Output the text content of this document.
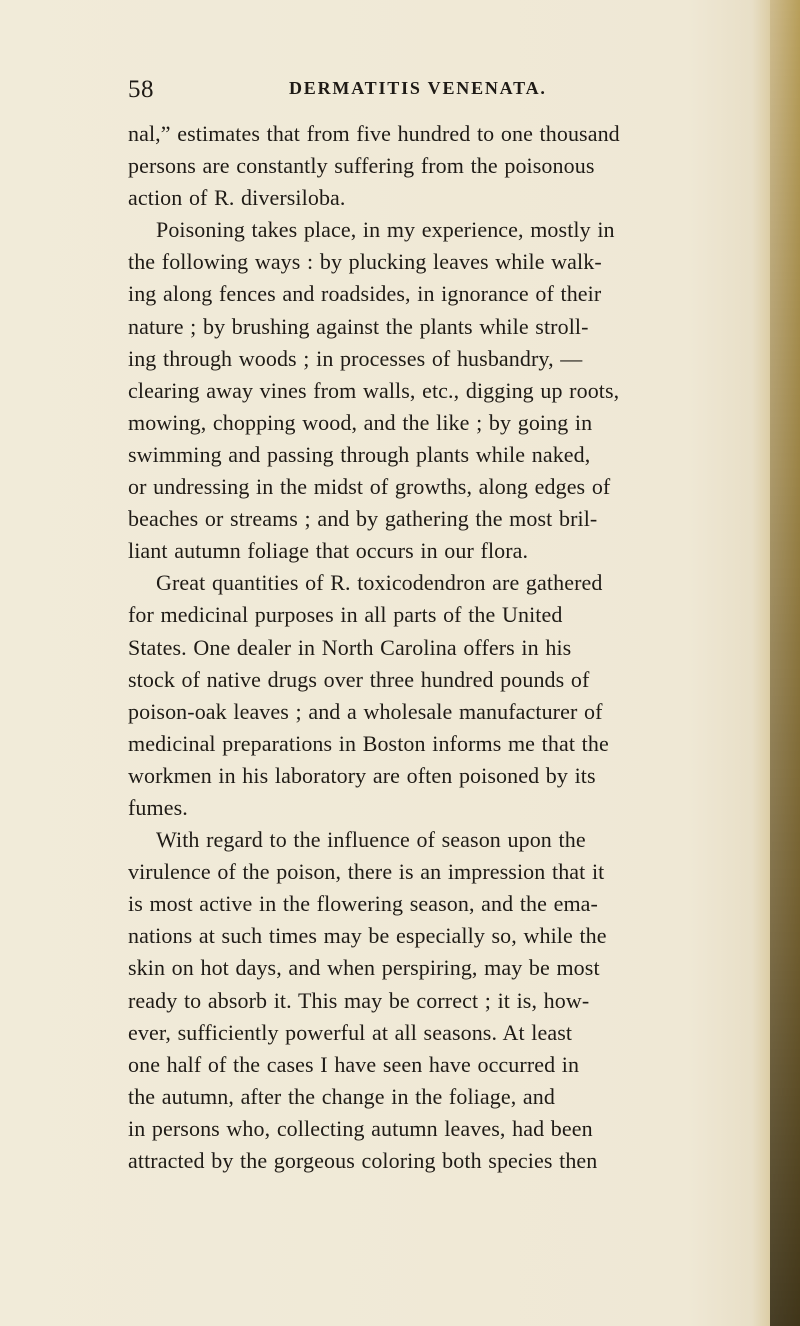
58	DERMATITIS VENENATA.
nal,” estimates that from five hundred to one thousand
persons are constantly suffering from the poisonous
action of R. diversiloba.
Poisoning takes place, in my experience, mostly in
the following ways : by plucking leaves while walk-
ing along fences and roadsides, in ignorance of their
nature ; by brushing against the plants while stroll-
ing through woods ; in processes of husbandry, —
clearing away vines from walls, etc., digging up roots,
mowing, chopping wood, and the like ; by going in
swimming and passing through plants while naked,
or undressing in the midst of growths, along edges of
beaches or streams ; and by gathering the most bril-
liant autumn foliage that occurs in our flora.
Great quantities of R. toxicodendron are gathered
for medicinal purposes in all parts of the United
States. One dealer in North Carolina offers in his
stock of native drugs over three hundred pounds of
poison-oak leaves ; and a wholesale manufacturer of
medicinal preparations in Boston informs me that the
workmen in his laboratory are often poisoned by its
fumes.
With regard to the influence of season upon the
virulence of the poison, there is an impression that it
is most active in the flowering season, and the ema-
nations at such times may be especially so, while the
skin on hot days, and when perspiring, may be most
ready to absorb it. This may be correct ; it is, how-
ever, sufficiently powerful at all seasons. At least
one half of the cases I have seen have occurred in
the autumn, after the change in the foliage, and
in persons who, collecting autumn leaves, had been
attracted by the gorgeous coloring both species then
